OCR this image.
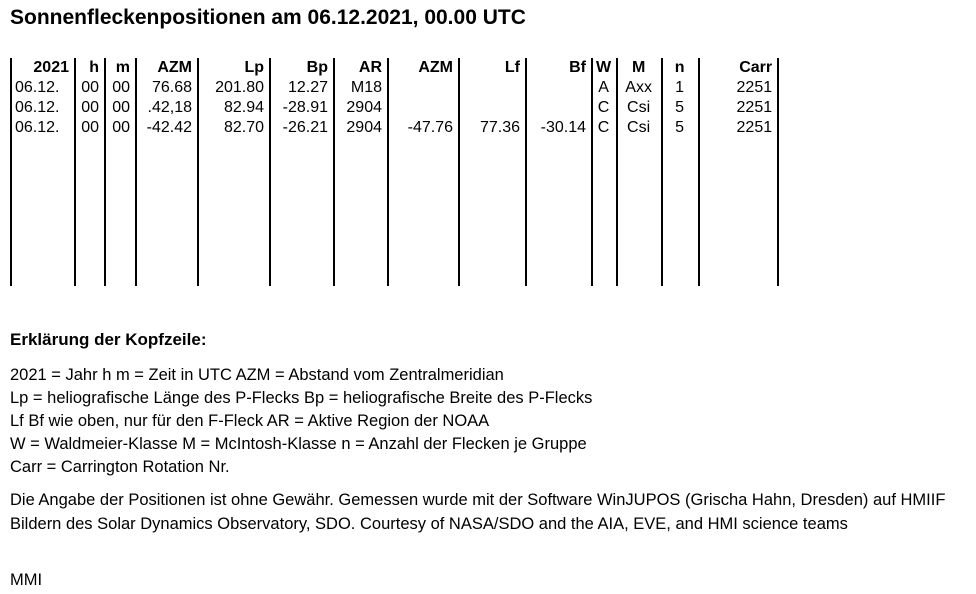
Sonnenfleckenpositionen am 06.12.2021, 00.00 UTC
2021	h	m	AZM	Lp	Bp	AR	AZM	Lf	Bf	W	M	n	Carr
06.12.	00	00	76.68	201.80	12.27	M18				A	Axx	1	2251
06.12.	00	00	.42,18	82.94	-28.91	2904				C	Csi	5	2251
06.12.	00	00	-42.42	82.70	-26.21	2904	-47.76	77.36	-30.14	C	Csi	5	2251

Erklärung der Kopfzeile:
2021 = Jahr h m = Zeit in UTC AZM = Abstand vom Zentralmeridian
Lp = heliografische Länge des P-Flecks Bp = heliografische Breite des P-Flecks
Lf Bf wie oben, nur für den F-Fleck AR = Aktive Region der NOAA
W = Waldmeier-Klasse M = McIntosh-Klasse n = Anzahl der Flecken je Gruppe
Carr = Carrington Rotation Nr.
Die Angabe der Positionen ist ohne Gewähr. Gemessen wurde mit der Software WinJUPOS (Grischa Hahn, Dresden) auf HMIIF Bildern des Solar Dynamics Observatory, SDO. Courtesy of NASA/SDO and the AIA, EVE, and HMI science teams
MMI
